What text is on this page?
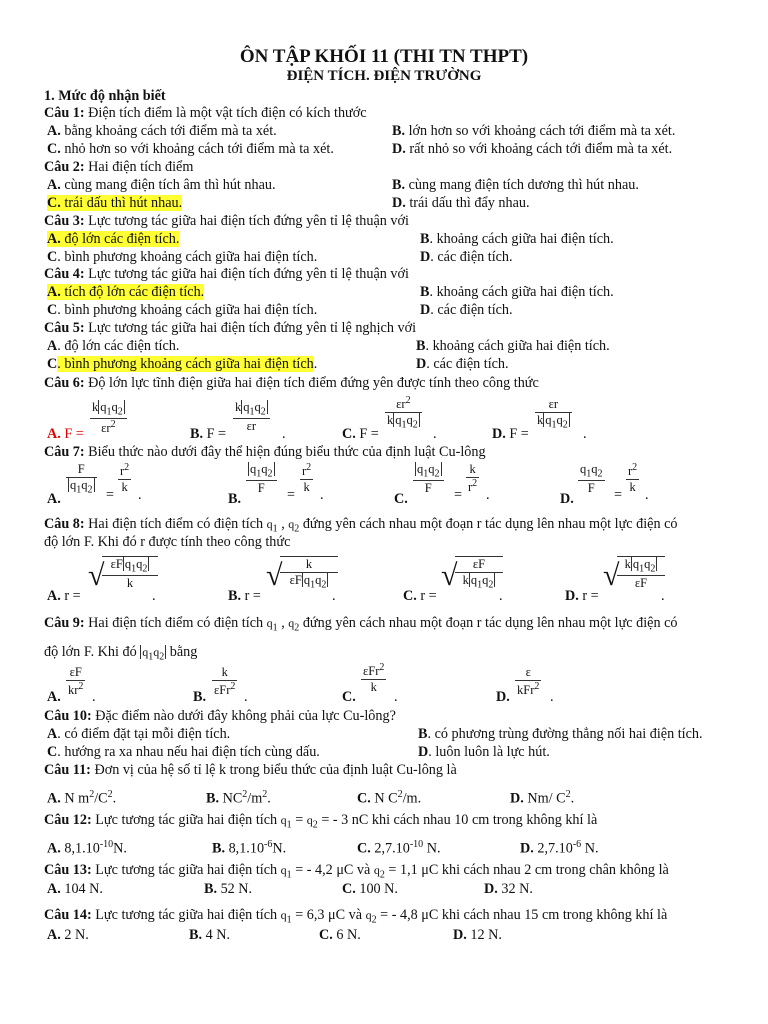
ÔN TẬP KHỐI 11 (THI TN THPT)
ĐIỆN TÍCH. ĐIỆN TRƯỜNG
1. Mức độ nhận biết
Câu 1: Điện tích điểm là một vật tích điện có kích thước
A. bằng khoảng cách tới điểm mà ta xét.	B. lớn hơn so với khoảng cách tới điểm mà ta xét.
C. nhỏ hơn so với khoảng cách tới điểm mà ta xét.	D. rất nhỏ so với khoảng cách tới điểm mà ta xét.
Câu 2: Hai điện tích điểm
A. cùng mang điện tích âm thì hút nhau.	B. cùng mang điện tích dương thì hút nhau.
C. trái dấu thì hút nhau.	D. trái dấu thì đẩy nhau.
Câu 3: Lực tương tác giữa hai điện tích đứng yên tỉ lệ thuận với
A. độ lớn các điện tích.	B. khoảng cách giữa hai điện tích.
C. bình phương khoảng cách giữa hai điện tích.	D. các điện tích.
Câu 4: Lực tương tác giữa hai điện tích đứng yên tỉ lệ thuận với
A. tích độ lớn các điện tích.	B. khoảng cách giữa hai điện tích.
C. bình phương khoảng cách giữa hai điện tích.	D. các điện tích.
Câu 5: Lực tương tác giữa hai điện tích đứng yên tỉ lệ nghịch với
A. độ lớn các điện tích.	B. khoảng cách giữa hai điện tích.
C. bình phương khoảng cách giữa hai điện tích.	D. các điện tích.
Câu 6: Độ lớn lực tĩnh điện giữa hai điện tích điểm đứng yên được tính theo công thức
A. $F = \frac{k q_1q_2}{\varepsilon r^2}$	B. F =
$\frac{k q_1q_2}{\varepsilon r}$
.	C. F =
$\frac{\varepsilon r^2}{k q_1q_2}$
.	D. F =
$\frac{\varepsilon r}{k q_1q_2}$
.
Câu 7: Biểu thức nào dưới đây thể hiện đúng biểu thức của định luật Cu-lông
A.
$\frac{F}{q_1q_2} = \frac{r^2}{k}$ .	B.
$\frac{q_1q_2}{F} = \frac{r^2}{k}$ .	C.
$\frac{q_1q_2}{F} = \frac{k}{r^2}$ .	D.
$\frac{q_1q_2}{F} = \frac{r^2}{k}$ .
Câu 8: Hai điện tích điểm có điện tích $q_1$ , $q_2$ đứng yên cách nhau một đoạn r tác dụng lên nhau một lực điện có
độ lớn F. Khi đó r được tính theo công thức
A. r =
√ εF $q_1q_2$
k
.	B. r =
√	k
εF $q_1q_2$
.	C. r =
√	εF
k $q_1q_2$
.	D. r =
√ k $q_1q_2$
εF
.
Câu 9: Hai điện tích điểm có điện tích $q_1$ , $q_2$ đứng yên cách nhau một đoạn r tác dụng lên nhau một lực điện có
độ lớn F. Khi đó $q_1q_2$ bằng
A. $\frac{\varepsilon F}{kr^2}$ .	B.
k
εFr$^2$
.	C.
εFr$^2$
k
.	D.
ε
kFr$^2$
.
Câu 10: Đặc điểm nào dưới đây không phải của lực Cu-lông?
A. có điểm đặt tại mỗi điện tích.	B. có phương trùng đường thẳng nối hai điện tích.
C. hướng ra xa nhau nếu hai điện tích cùng dấu.	D. luôn luôn là lực hút.
Câu 11: Đơn vị của hệ số tỉ lệ k trong biểu thức của định luật Cu-lông là
A. N $m^2/C^2$.	B. $NC^2/m^2$.	C. N $C^2/m$.	D. Nm/ $C^2$.
Câu 12: Lực tương tác giữa hai điện tích $q_1 = q_2$ = - 3 nC khi cách nhau 10 cm trong không khí là
A. $8,1.10^{-10}N$.	B. $8,1.10^{-6}N$.	C. $2,7.10^{-10}$ N.	D. $2,7.10^{-6}$ N.
Câu 13: Lực tương tác giữa hai điện tích $q_1$ = - 4,2 μC và $q_2 = 1,1$ μC khi cách nhau 2 cm trong chân không là
A. 104 N.	B. 52 N.	C. 100 N.	D. 32 N.
Câu 14: Lực tương tác giữa hai điện tích $q_1 = 6,3$ μC và $q_2$ = - 4,8 μC khi cách nhau 15 cm trong không khí là
A. 2 N.	B. 4 N.	C. 6 N.	D. 12 N.
